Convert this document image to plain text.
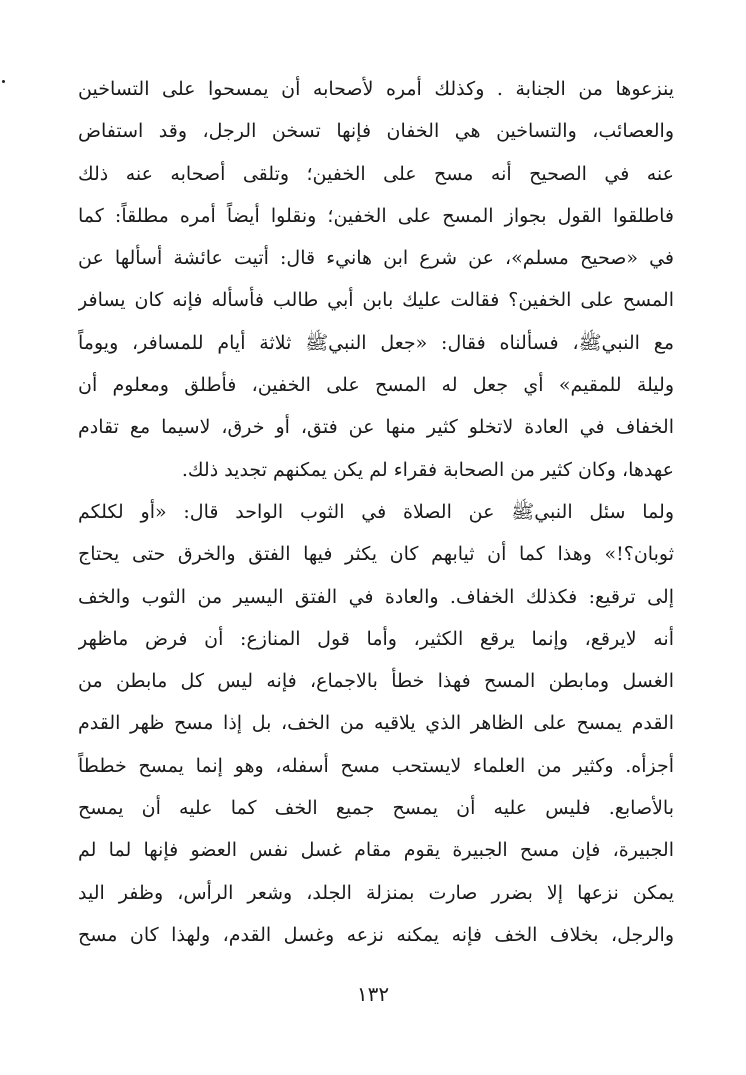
ينزعوها من الجنابة . وكذلك أمره لأصحابه أن يمسحوا على التساخين
والعصائب، والتساخين هي الخفان فإنها تسخن الرجل، وقد استفاض
عنه في الصحيح أنه مسح على الخفين؛ وتلقى أصحابه عنه ذلك
فاطلقوا القول بجواز المسح على الخفين؛ ونقلوا أيضاً أمره مطلقاً: كما
في «صحيح مسلم»، عن شرع ابن هانيء قال: أتيت عائشة أسألها عن
المسح على الخفين؟ فقالت عليك بابن أبي طالب فأسأله فإنه كان يسافر
مع النبيﷺ، فسألناه فقال: «جعل النبيﷺ ثلاثة أيام للمسافر، ويوماً
وليلة للمقيم» أي جعل له المسح على الخفين، فأطلق ومعلوم أن
الخفاف في العادة لاتخلو كثير منها عن فتق، أو خرق، لاسيما مع تقادم
عهدها، وكان كثير من الصحابة فقراء لم يكن يمكنهم تجديد ذلك.
ولما سئل النبيﷺ عن الصلاة في الثوب الواحد قال: «أو لكلكم
ثوبان؟!» وهذا كما أن ثيابهم كان يكثر فيها الفتق والخرق حتى يحتاج
إلى ترقيع: فكذلك الخفاف. والعادة في الفتق اليسير من الثوب والخف
أنه لايرقع، وإنما يرقع الكثير، وأما قول المنازع: أن فرض ماظهر
الغسل ومابطن المسح فهذا خطأ بالاجماع، فإنه ليس كل مابطن من
القدم يمسح على الظاهر الذي يلاقيه من الخف، بل إذا مسح ظهر القدم
أجزأه. وكثير من العلماء لايستحب مسح أسفله، وهو إنما يمسح خططاً
بالأصابع. فليس عليه أن يمسح جميع الخف كما عليه أن يمسح
الجبيرة، فإن مسح الجبيرة يقوم مقام غسل نفس العضو فإنها لما لم
يمكن نزعها إلا بضرر صارت بمنزلة الجلد، وشعر الرأس، وظفر اليد
والرجل، بخلاف الخف فإنه يمكنه نزعه وغسل القدم، ولهذا كان مسح
١٣٢
